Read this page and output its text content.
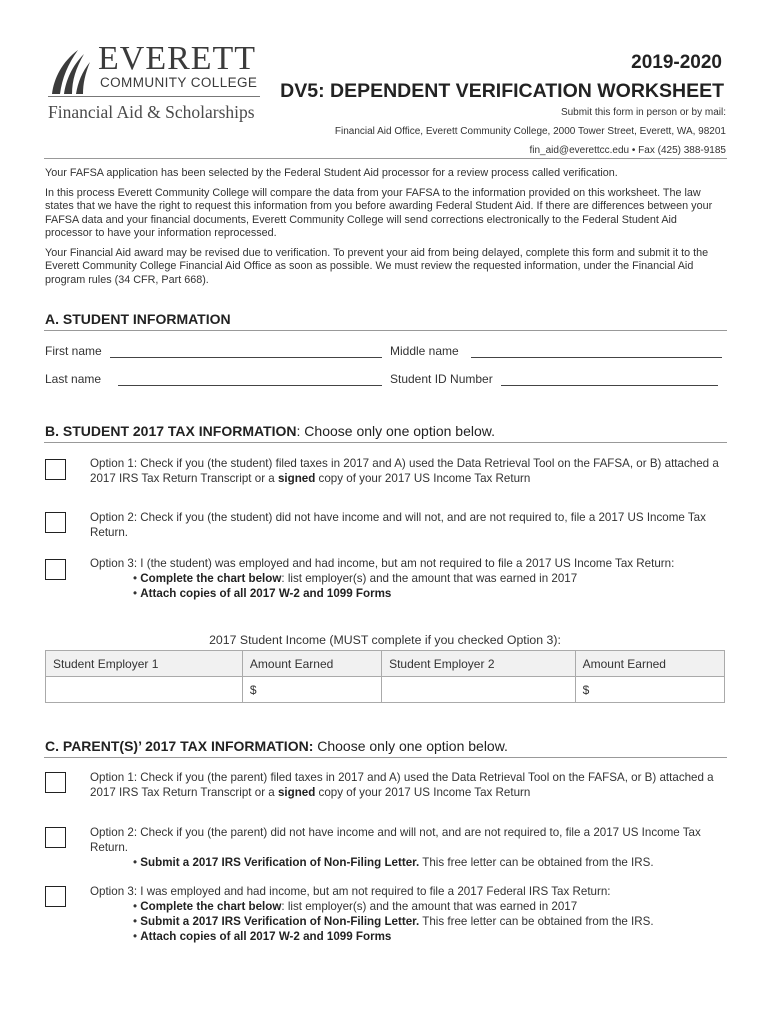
EVERETT
COMMUNITY COLLEGE
Financial Aid & Scholarships
2019-2020
DV5: DEPENDENT VERIFICATION WORKSHEET
Submit this form in person or by mail:
Financial Aid Office, Everett Community College, 2000 Tower Street, Everett, WA, 98201
fin_aid@everettcc.edu • Fax (425) 388-9185

Your FAFSA application has been selected by the Federal Student Aid processor for a review process called verification.

In this process Everett Community College will compare the data from your FAFSA to the information provided on this worksheet. The law states that we have the right to request this information from you before awarding Federal Student Aid. If there are differences between your FAFSA data and your financial documents, Everett Community College will send corrections electronically to the Federal Student Aid processor to have your information reprocessed.

Your Financial Aid award may be revised due to verification. To prevent your aid from being delayed, complete this form and submit it to the Everett Community College Financial Aid Office as soon as possible. We must review the requested information, under the Financial Aid program rules (34 CFR, Part 668).

A. STUDENT INFORMATION
First name	Middle name
Last name	Student ID Number
B. STUDENT 2017 TAX INFORMATION: Choose only one option below.
Option 1: Check if you (the student) filed taxes in 2017 and A) used the Data Retrieval Tool on the FAFSA, or B) attached a 2017 IRS Tax Return Transcript or a signed copy of your 2017 US Income Tax Return
Option 2: Check if you (the student) did not have income and will not, and are not required to, file a 2017 US Income Tax Return.
Option 3: I (the student) was employed and had income, but am not required to file a 2017 US Income Tax Return:
• Complete the chart below: list employer(s) and the amount that was earned in 2017
• Attach copies of all 2017 W-2 and 1099 Forms
2017 Student Income (MUST complete if you checked Option 3):
Student Employer 1	Amount Earned	Student Employer 2	Amount Earned
	$		$
C. PARENT(S)’ 2017 TAX INFORMATION: Choose only one option below.
Option 1: Check if you (the parent) filed taxes in 2017 and A) used the Data Retrieval Tool on the FAFSA, or B) attached a 2017 IRS Tax Return Transcript or a signed copy of your 2017 US Income Tax Return
Option 2: Check if you (the parent) did not have income and will not, and are not required to, file a 2017 US Income Tax Return.
• Submit a 2017 IRS Verification of Non-Filing Letter. This free letter can be obtained from the IRS.
Option 3: I was employed and had income, but am not required to file a 2017 Federal IRS Tax Return:
• Complete the chart below: list employer(s) and the amount that was earned in 2017
• Submit a 2017 IRS Verification of Non-Filing Letter. This free letter can be obtained from the IRS.
• Attach copies of all 2017 W-2 and 1099 Forms
